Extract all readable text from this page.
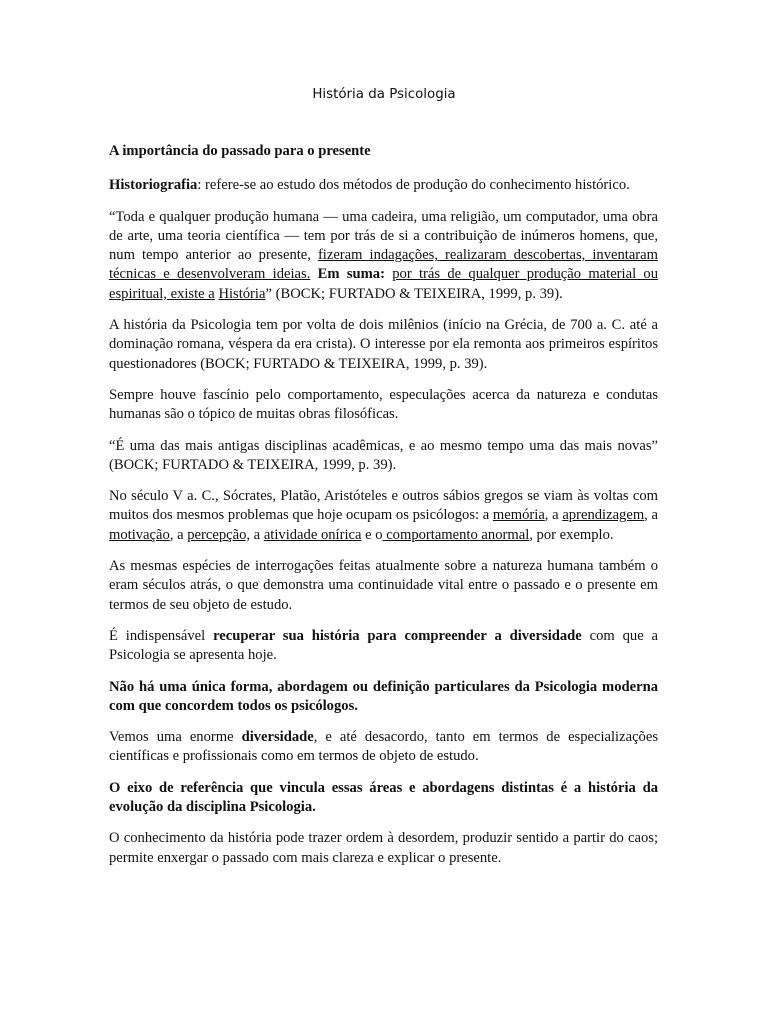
História da Psicologia

A importância do passado para o presente

Historiografia: refere-se ao estudo dos métodos de produção do conhecimento histórico.

“Toda e qualquer produção humana — uma cadeira, uma religião, um computador, uma obra de arte, uma teoria científica — tem por trás de si a contribuição de inúmeros homens, que, num tempo anterior ao presente, fizeram indagações, realizaram descobertas, inventaram técnicas e desenvolveram ideias. Em suma: por trás de qualquer produção material ou espiritual, existe a História” (BOCK; FURTADO & TEIXEIRA, 1999, p. 39).

A história da Psicologia tem por volta de dois milênios (início na Grécia, de 700 a. C. até a dominação romana, véspera da era crista). O interesse por ela remonta aos primeiros espíritos questionadores (BOCK; FURTADO & TEIXEIRA, 1999, p. 39).

Sempre houve fascínio pelo comportamento, especulações acerca da natureza e condutas humanas são o tópico de muitas obras filosóficas.

“É uma das mais antigas disciplinas acadêmicas, e ao mesmo tempo uma das mais novas” (BOCK; FURTADO & TEIXEIRA, 1999, p. 39).

No século V a. C., Sócrates, Platão, Aristóteles e outros sábios gregos se viam às voltas com muitos dos mesmos problemas que hoje ocupam os psicólogos: a memória, a aprendizagem, a motivação, a percepção, a atividade onírica e o comportamento anormal, por exemplo.

As mesmas espécies de interrogações feitas atualmente sobre a natureza humana também o eram séculos atrás, o que demonstra uma continuidade vital entre o passado e o presente em termos de seu objeto de estudo.

É indispensável recuperar sua história para compreender a diversidade com que a Psicologia se apresenta hoje.

Não há uma única forma, abordagem ou definição particulares da Psicologia moderna com que concordem todos os psicólogos.

Vemos uma enorme diversidade, e até desacordo, tanto em termos de especializações científicas e profissionais como em termos de objeto de estudo.

O eixo de referência que vincula essas áreas e abordagens distintas é a história da evolução da disciplina Psicologia.

O conhecimento da história pode trazer ordem à desordem, produzir sentido a partir do caos; permite enxergar o passado com mais clareza e explicar o presente.
